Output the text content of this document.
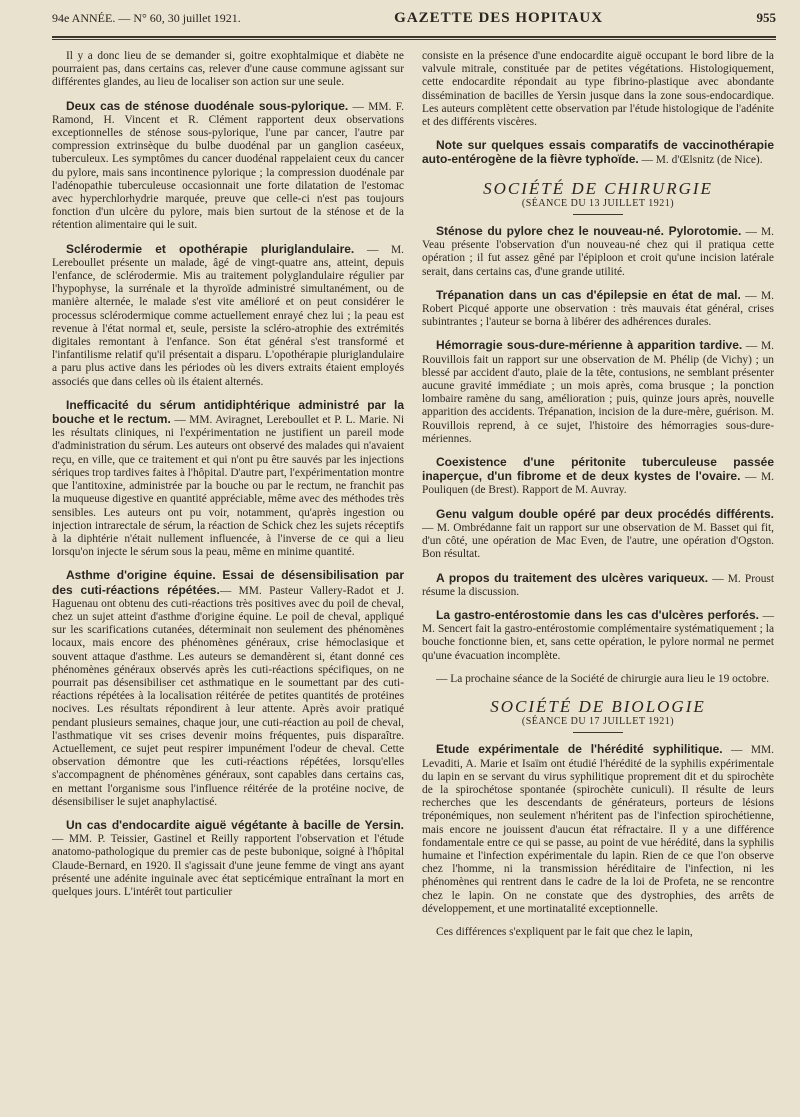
94e ANNÉE. — N° 60, 30 juillet 1921.	GAZETTE DES HOPITAUX	955

Il y a donc lieu de se demander si, goitre exophtalmique et diabète ne pourraient pas, dans certains cas, relever d'une cause commune agissant sur différentes glandes, au lieu de localiser son action sur une seule.

Deux cas de sténose duodénale sous-pylorique. — MM. F. Ramond, H. Vincent et R. Clément rapportent deux observations exceptionnelles de sténose sous-pylorique, l'une par cancer, l'autre par compression extrinsèque du bulbe duodénal par un ganglion caséeux, tuberculeux. Les symptômes du cancer duodénal rappelaient ceux du cancer du pylore, mais sans incontinence pylorique ; la compression duodénale par l'adénopathie tuberculeuse occasionnait une forte dilatation de l'estomac avec hyperchlorhydrie marquée, preuve que celle-ci n'est pas toujours fonction d'un ulcère du pylore, mais bien surtout de la sténose et de la rétention alimentaire qui le suit.

Sclérodermie et opothérapie pluriglandulaire. — M. Lereboullet présente un malade, âgé de vingt-quatre ans, atteint, depuis l'enfance, de sclérodermie. Mis au traitement polyglandulaire régulier par l'hypophyse, la surrénale et la thyroïde administré simultanément, ou de manière alternée, le malade s'est vite amélioré et on peut considérer le processus sclérodermique comme actuellement enrayé chez lui ; la peau est revenue à l'état normal et, seule, persiste la scléro-atrophie des extrémités digitales remontant à l'enfance. Son état général s'est transformé et l'infantilisme relatif qu'il présentait a disparu. L'opothérapie pluriglandulaire a paru plus active dans les périodes où les divers extraits étaient employés associés que dans celles où ils étaient alternés.

Inefficacité du sérum antidiphtérique administré par la bouche et le rectum. — MM. Aviragnet, Lereboullet et P. L. Marie. Ni les résultats cliniques, ni l'expérimentation ne justifient un pareil mode d'administration du sérum. Les auteurs ont observé des malades qui n'avaient reçu, en ville, que ce traitement et qui n'ont pu être sauvés par les injections sériques trop tardives faites à l'hôpital. D'autre part, l'expérimentation montre que l'antitoxine, administrée par la bouche ou par le rectum, ne franchit pas la muqueuse digestive en quantité appréciable, même avec des méthodes très sensibles. Les auteurs ont pu voir, notamment, qu'après ingestion ou injection intrarectale de sérum, la réaction de Schick chez les sujets réceptifs à la diphtérie n'était nullement influencée, à l'inverse de ce qui a lieu lorsqu'on injecte le sérum sous la peau, même en minime quantité.

Asthme d'origine équine. Essai de désensibilisation par des cuti-réactions répétées.— MM. Pasteur Vallery-Radot et J. Haguenau ont obtenu des cuti-réactions très positives avec du poil de cheval, chez un sujet atteint d'asthme d'origine équine. Le poil de cheval, appliqué sur les scarifications cutanées, déterminait non seulement des phénomènes locaux, mais encore des phénomènes généraux, crise hémoclasique et souvent attaque d'asthme. Les auteurs se demandèrent si, étant donné ces phénomènes généraux observés après les cuti-réactions spécifiques, on ne pourrait pas désensibiliser cet asthmatique en le soumettant par des cuti-réactions répétées à la localisation réitérée de petites quantités de protéines nocives. Les résultats répondirent à leur attente. Après avoir pratiqué pendant plusieurs semaines, chaque jour, une cuti-réaction au poil de cheval, l'asthmatique vit ses crises devenir moins fréquentes, puis disparaître. Actuellement, ce sujet peut respirer impunément l'odeur de cheval. Cette observation démontre que les cuti-réactions répétées, lorsqu'elles s'accompagnent de phénomènes généraux, sont capables dans certains cas, en mettant l'organisme sous l'influence réitérée de la protéine nocive, de désensibiliser le sujet anaphylactisé.

Un cas d'endocardite aiguë végétante à bacille de Yersin. — MM. P. Teissier, Gastinel et Reilly rapportent l'observation et l'étude anatomo-pathologique du premier cas de peste bubonique, soigné à l'hôpital Claude-Bernard, en 1920. Il s'agissait d'une jeune femme de vingt ans ayant présenté une adénite inguinale avec état septicémique entraînant la mort en quelques jours. L'intérêt tout particulier

consiste en la présence d'une endocardite aiguë occupant le bord libre de la valvule mitrale, constituée par de petites végétations. Histologiquement, cette endocardite répondait au type fibrino-plastique avec abondante dissémination de bacilles de Yersin jusque dans la zone sous-endocardique. Les auteurs complètent cette observation par l'étude histologique de l'adénite et des différents viscères.

Note sur quelques essais comparatifs de vaccinothérapie auto-entérogène de la fièvre typhoïde. — M. d'Œlsnitz (de Nice).

SOCIÉTÉ DE CHIRURGIE
(SÉANCE DU 13 JUILLET 1921)

Sténose du pylore chez le nouveau-né. Pylorotomie. — M. Veau présente l'observation d'un nouveau-né chez qui il pratiqua cette opération ; il fut assez gêné par l'épiploon et croit qu'une incision latérale serait, dans certains cas, d'une grande utilité.

Trépanation dans un cas d'épilepsie en état de mal. — M. Robert Picqué apporte une observation : très mauvais état général, crises subintrantes ; l'auteur se borna à libérer des adhérences durales.

Hémorragie sous-dure-mérienne à apparition tardive. — M. Rouvillois fait un rapport sur une observation de M. Phélip (de Vichy) ; un blessé par accident d'auto, plaie de la tête, contusions, ne semblant présenter aucune gravité immédiate ; un mois après, coma brusque ; la ponction lombaire ramène du sang, amélioration ; puis, quinze jours après, nouvelle apparition des accidents. Trépanation, incision de la dure-mère, guérison. M. Rouvillois reprend, à ce sujet, l'histoire des hémorragies sous-dure-mériennes.

Coexistence d'une péritonite tuberculeuse passée inaperçue, d'un fibrome et de deux kystes de l'ovaire. — M. Pouliquen (de Brest). Rapport de M. Auvray.

Genu valgum double opéré par deux procédés différents. — M. Ombrédanne fait un rapport sur une observation de M. Basset qui fit, d'un côté, une opération de Mac Even, de l'autre, une opération d'Ogston. Bon résultat.

A propos du traitement des ulcères variqueux. — M. Proust résume la discussion.

La gastro-entérostomie dans les cas d'ulcères perforés. — M. Sencert fait la gastro-entérostomie complémentaire systématiquement ; la bouche fonctionne bien, et, sans cette opération, le pylore normal ne permet qu'une évacuation incomplète.

— La prochaine séance de la Société de chirurgie aura lieu le 19 octobre.

SOCIÉTÉ DE BIOLOGIE
(SÉANCE DU 17 JUILLET 1921)

Etude expérimentale de l'hérédité syphilitique. — MM. Levaditi, A. Marie et Isaïm ont étudié l'hérédité de la syphilis expérimentale du lapin en se servant du virus syphilitique proprement dit et du spirochète de la spirochétose spontanée (spirochète cuniculi). Il résulte de leurs recherches que les descendants de générateurs, porteurs de lésions tréponémiques, non seulement n'héritent pas de l'infection spirochétienne, mais encore ne jouissent d'aucun état réfractaire. Il y a une différence fondamentale entre ce qui se passe, au point de vue hérédité, dans la syphilis humaine et l'infection expérimentale du lapin. Rien de ce que l'on observe chez l'homme, ni la transmission héréditaire de l'infection, ni les phénomènes qui rentrent dans le cadre de la loi de Profeta, ne se rencontre chez le lapin. On ne constate que des dystrophies, des arrêts de développement, et une mortinatalité exceptionnelle.

Ces différences s'expliquent par le fait que chez le lapin,
